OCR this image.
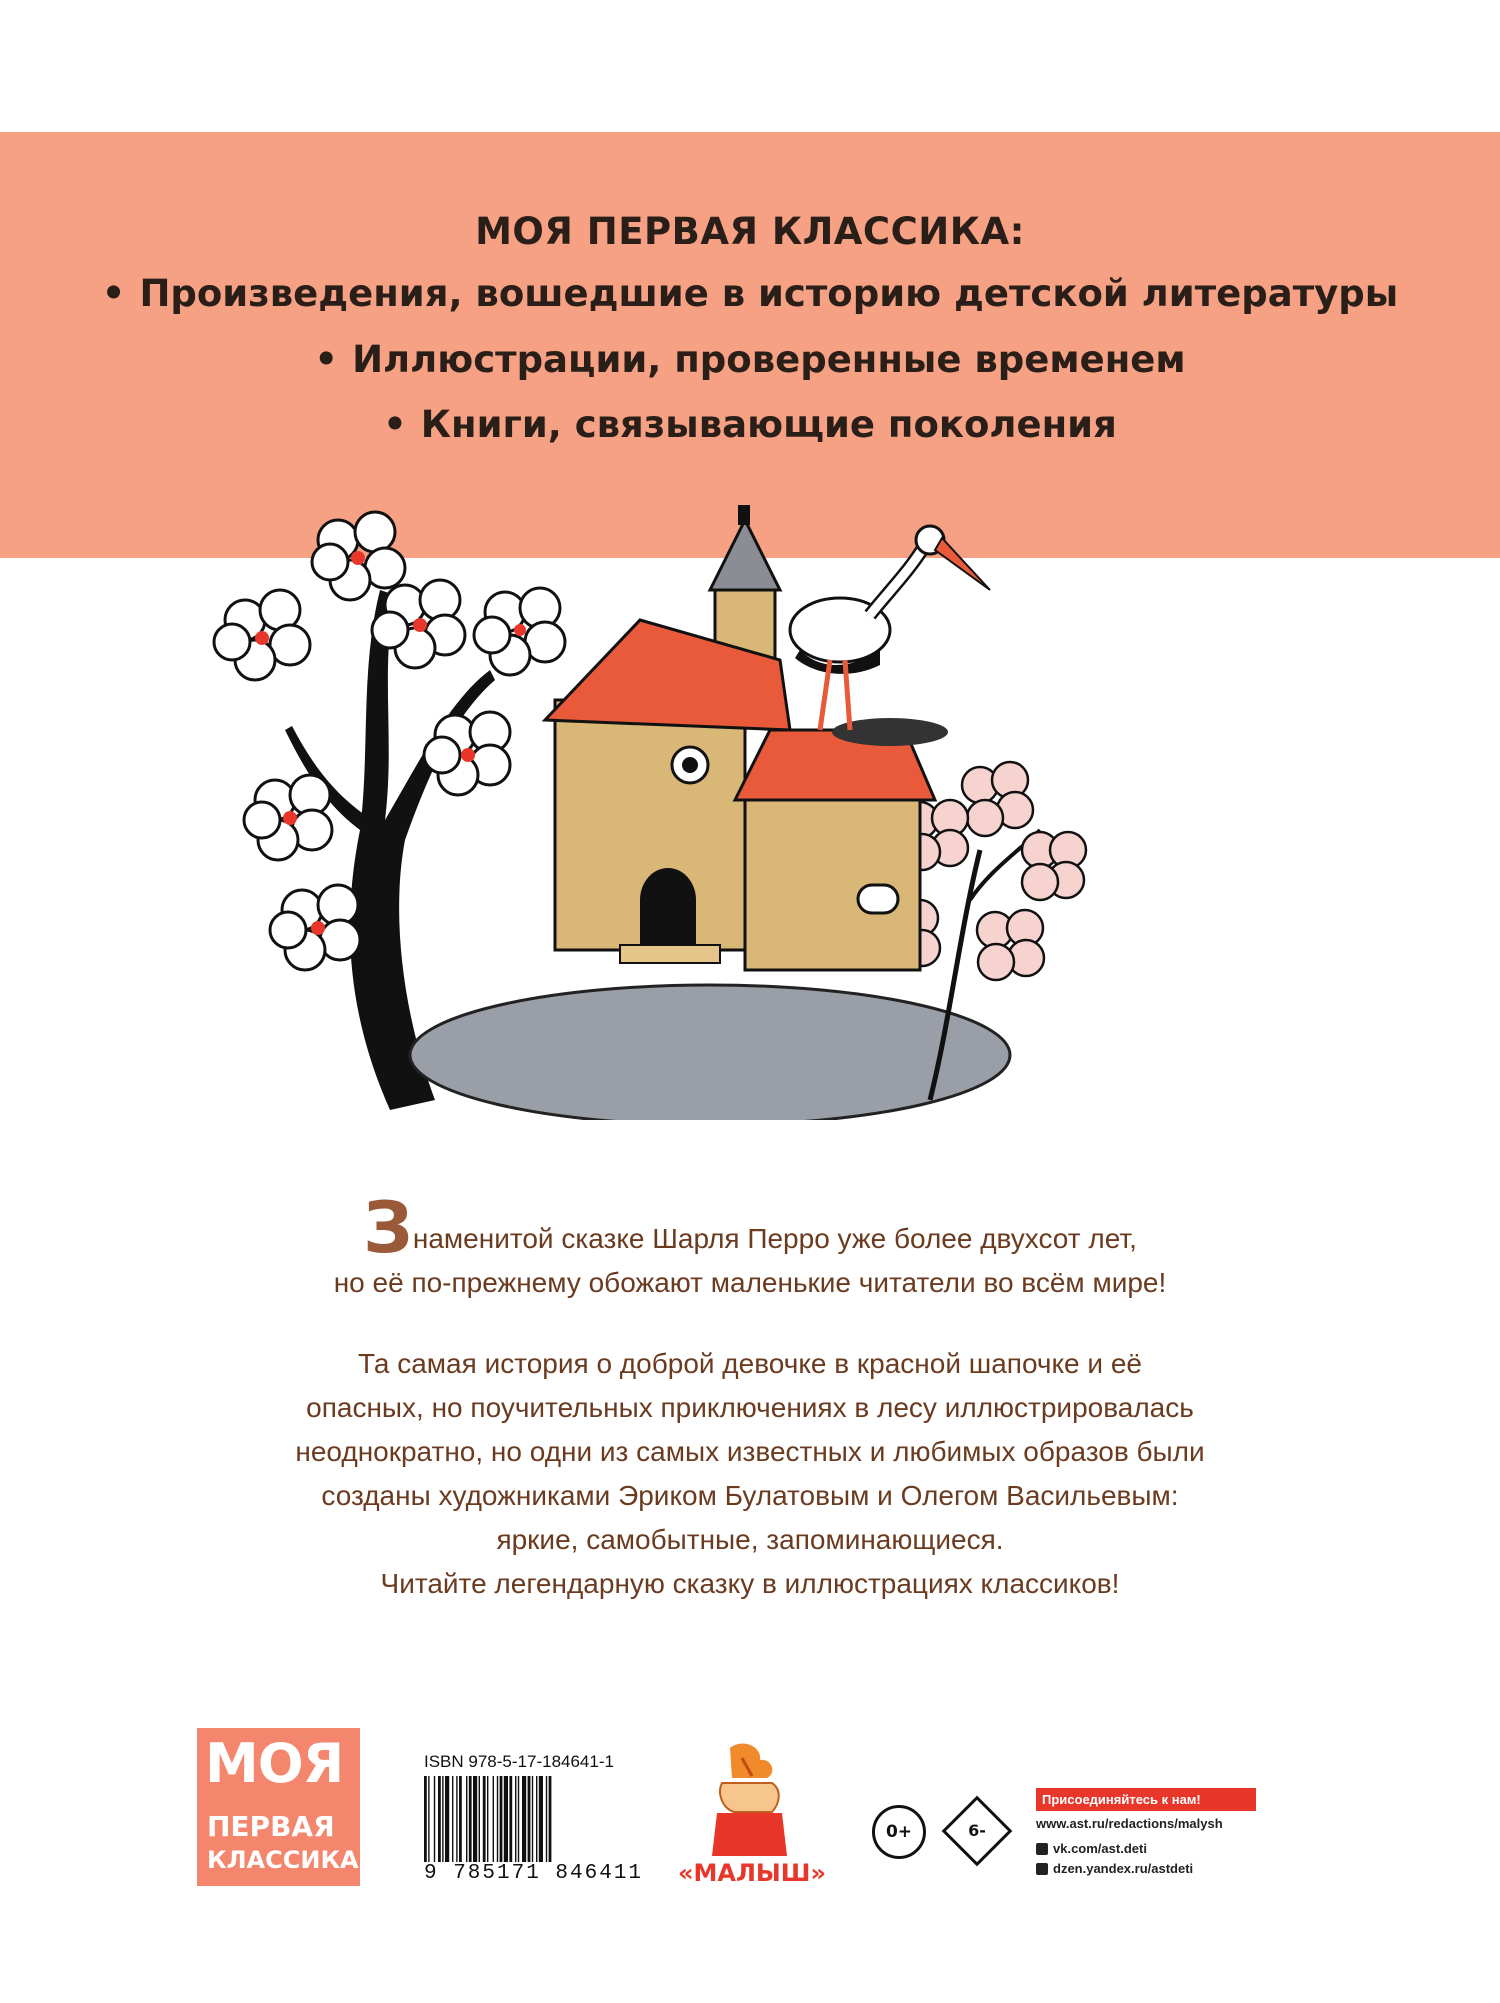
МОЯ ПЕРВАЯ КЛАССИКА:
• Произведения, вошедшие в историю детской литературы
• Иллюстрации, проверенные временем
• Книги, связывающие поколения

Знаменитой сказке Шарля Перро уже более двухсот лет,

но её по-прежнему обожают маленькие читатели во всём мире!

Та самая история о доброй девочке в красной шапочке и её

опасных, но поучительных приключениях в лесу иллюстрировалась

неоднократно, но одни из самых известных и любимых образов были

созданы художниками Эриком Булатовым и Олегом Васильевым:

яркие, самобытные, запоминающиеся.

Читайте легендарную сказку в иллюстрациях классиков!

МОЯ
ПЕРВАЯ
КЛАССИКА
ISBN 978-5-17-184641-1
9 785171 846411 «МАЛЫШ»
0+	6-
Присоединяйтесь к нам!
www.ast.ru/redactions/malysh
vk.com/ast.deti
dzen.yandex.ru/astdeti
